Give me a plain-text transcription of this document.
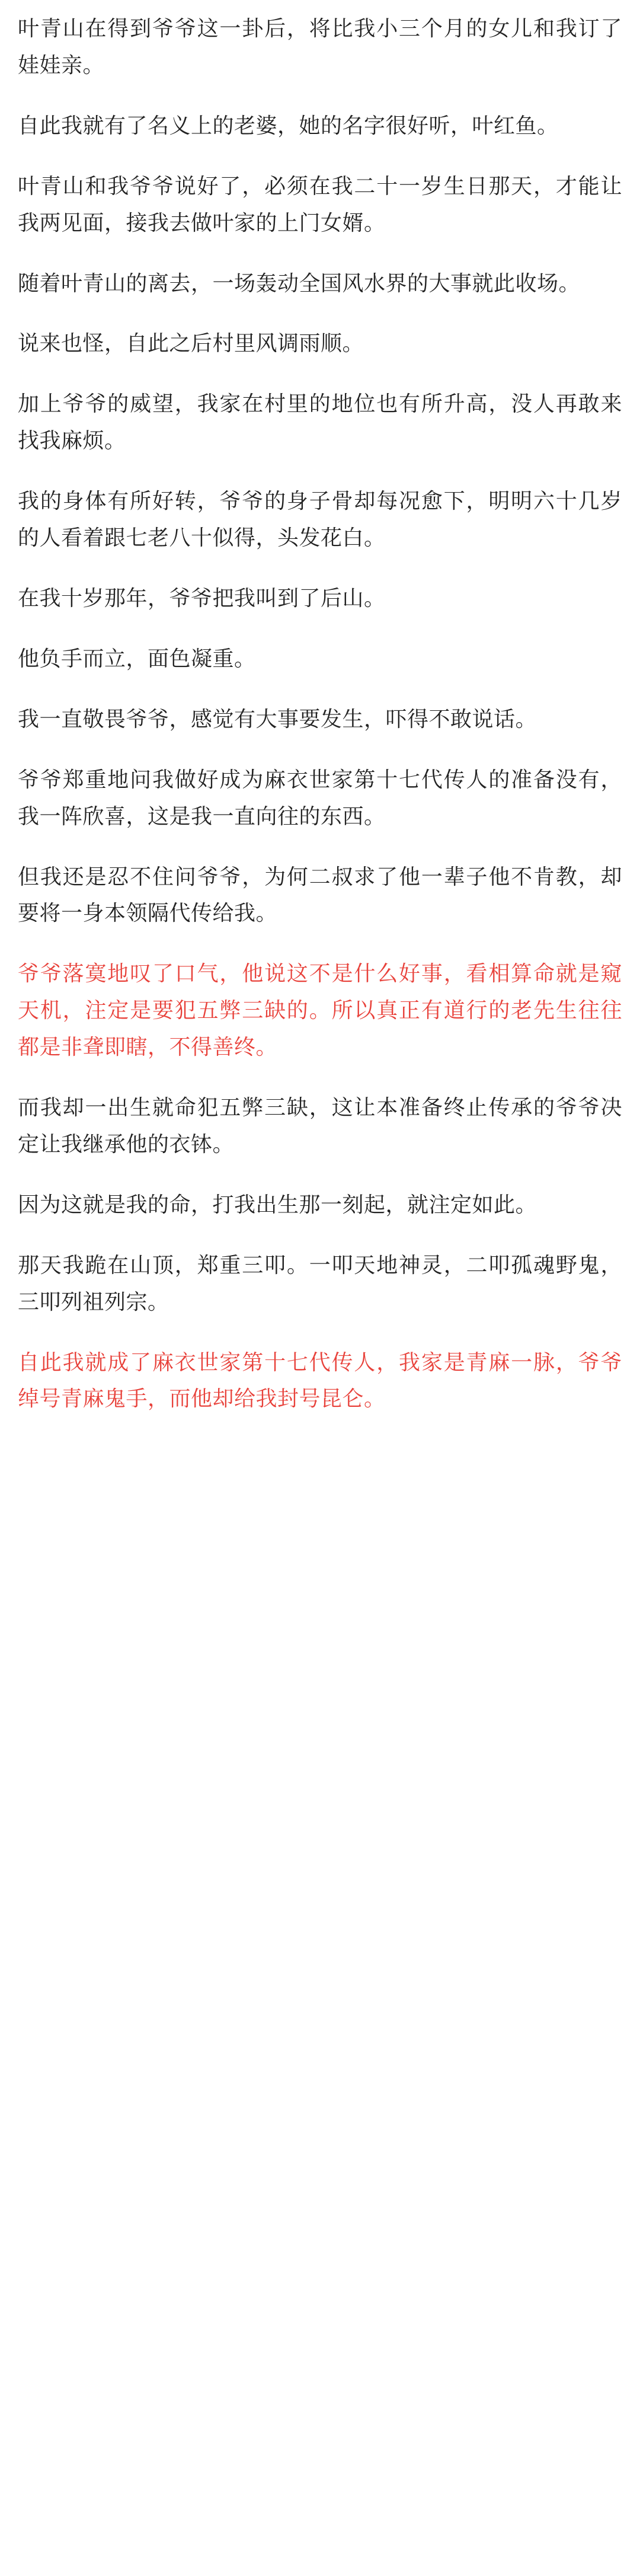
叶青山在得到爷爷这一卦后，将比我小三个月的女儿和我订了娃娃亲。

自此我就有了名义上的老婆，她的名字很好听，叶红鱼。

叶青山和我爷爷说好了，必须在我二十一岁生日那天，才能让我两见面，接我去做叶家的上门女婿。

随着叶青山的离去，一场轰动全国风水界的大事就此收场。

说来也怪，自此之后村里风调雨顺。

加上爷爷的威望，我家在村里的地位也有所升高，没人再敢来找我麻烦。

我的身体有所好转，爷爷的身子骨却每况愈下，明明六十几岁的人看着跟七老八十似得，头发花白。

在我十岁那年，爷爷把我叫到了后山。

他负手而立，面色凝重。

我一直敬畏爷爷，感觉有大事要发生，吓得不敢说话。

爷爷郑重地问我做好成为麻衣世家第十七代传人的准备没有，我一阵欣喜，这是我一直向往的东西。

但我还是忍不住问爷爷，为何二叔求了他一辈子他不肯教，却要将一身本领隔代传给我。

爷爷落寞地叹了口气，他说这不是什么好事，看相算命就是窥天机，注定是要犯五弊三缺的。所以真正有道行的老先生往往都是非聋即瞎，不得善终。

而我却一出生就命犯五弊三缺，这让本准备终止传承的爷爷决定让我继承他的衣钵。

因为这就是我的命，打我出生那一刻起，就注定如此。

那天我跪在山顶，郑重三叩。一叩天地神灵，二叩孤魂野鬼，三叩列祖列宗。

自此我就成了麻衣世家第十七代传人，我家是青麻一脉，爷爷绰号青麻鬼手，而他却给我封号昆仑。
